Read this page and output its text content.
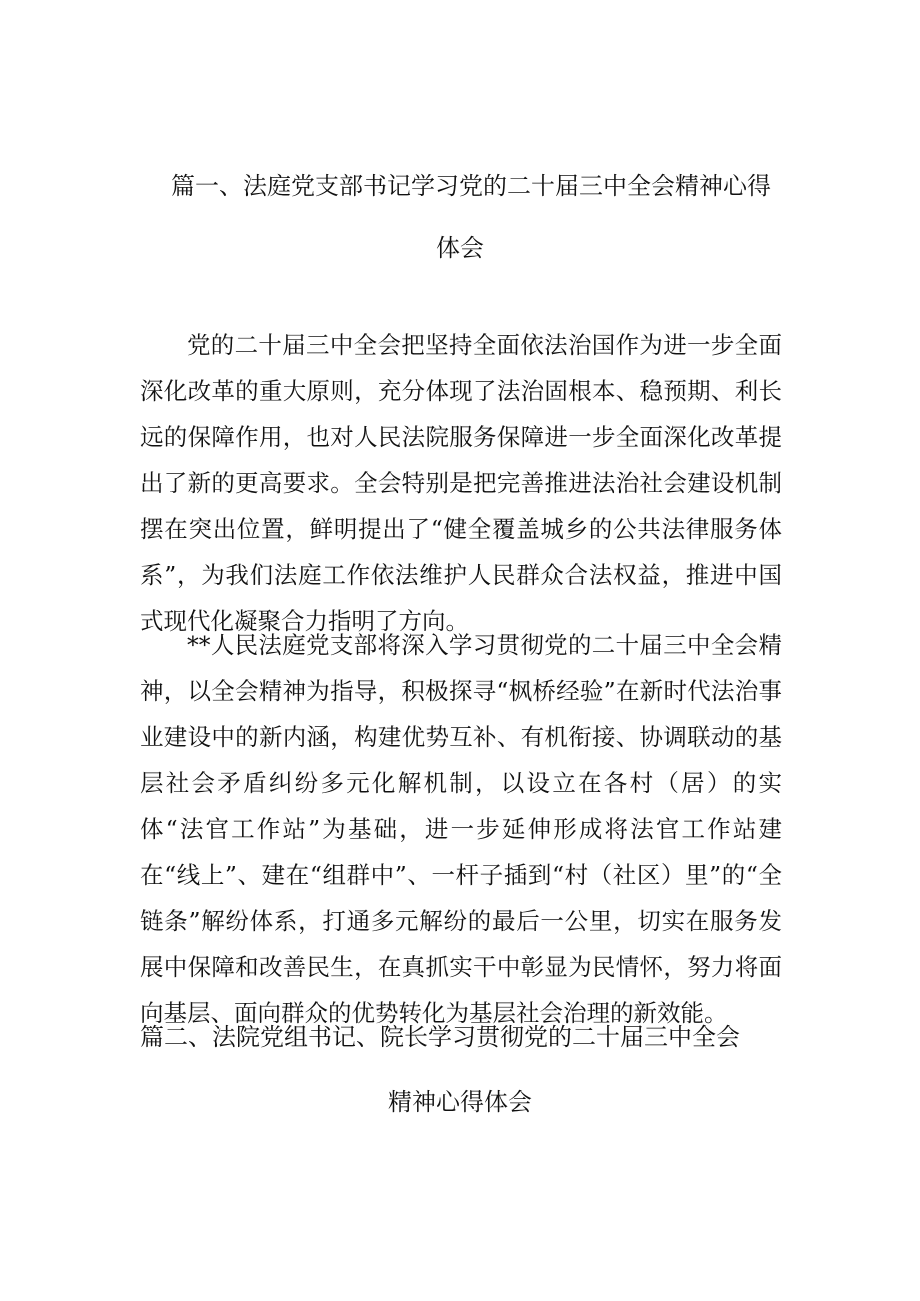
篇一、法庭党支部书记学习党的二十届三中全会精神心得
体会

党的二十届三中全会把坚持全面依法治国作为进一步全面深化改革的重大原则，充分体现了法治固根本、稳预期、利长远的保障作用，也对人民法院服务保障进一步全面深化改革提出了新的更高要求。全会特别是把完善推进法治社会建设机制摆在突出位置，鲜明提出了“健全覆盖城乡的公共法律服务体系”，为我们法庭工作依法维护人民群众合法权益，推进中国式现代化凝聚合力指明了方向。

**人民法庭党支部将深入学习贯彻党的二十届三中全会精神，以全会精神为指导，积极探寻“枫桥经验”在新时代法治事业建设中的新内涵，构建优势互补、有机衔接、协调联动的基层社会矛盾纠纷多元化解机制，以设立在各村（居）的实体“法官工作站”为基础，进一步延伸形成将法官工作站建在“线上”、建在“组群中”、一杆子插到“村（社区）里”的“全链条”解纷体系，打通多元解纷的最后一公里，切实在服务发展中保障和改善民生，在真抓实干中彰显为民情怀，努力将面向基层、面向群众的优势转化为基层社会治理的新效能。

篇二、法院党组书记、院长学习贯彻党的二十届三中全会
精神心得体会
